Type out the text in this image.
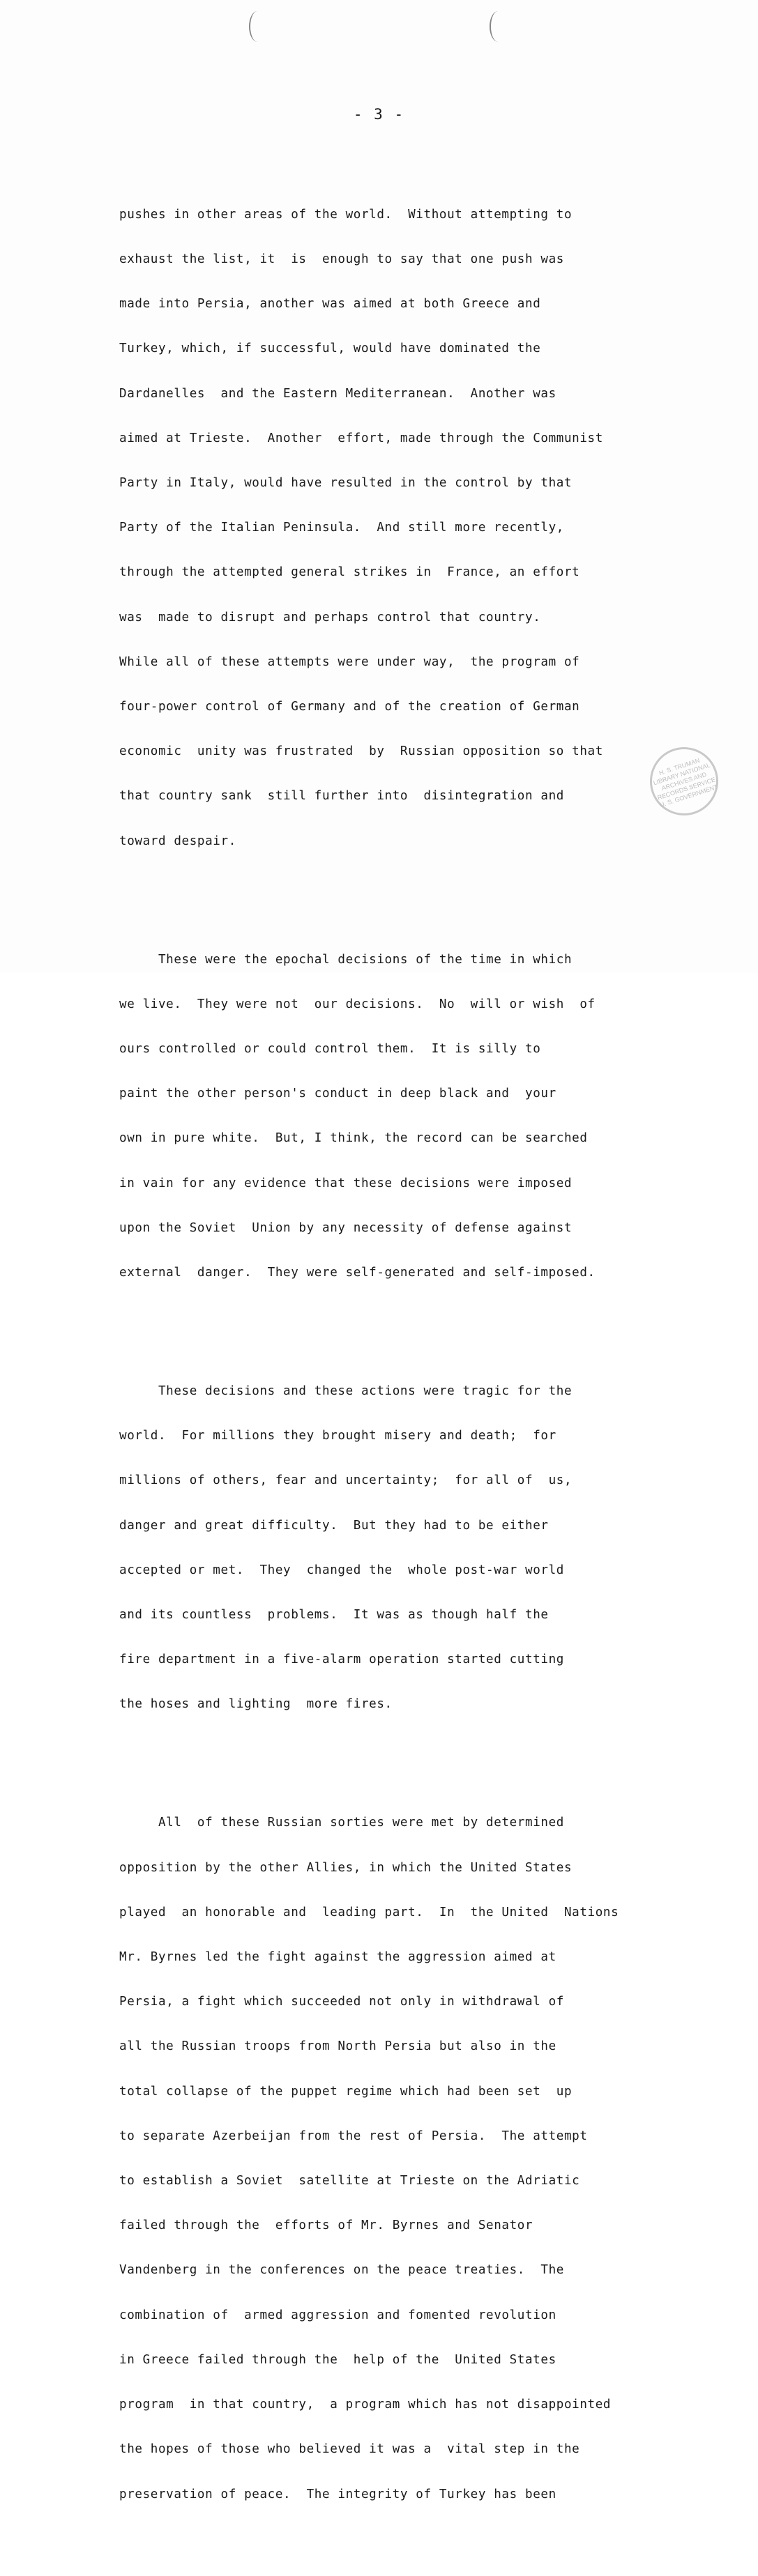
- 3 -

pushes in other areas of the world.  Without attempting to

exhaust the list, it  is  enough to say that one push was

made into Persia, another was aimed at both Greece and

Turkey, which, if successful, would have dominated the

Dardanelles  and the Eastern Mediterranean.  Another was

aimed at Trieste.  Another  effort, made through the Communist

Party in Italy, would have resulted in the control by that

Party of the Italian Peninsula.  And still more recently,

through the attempted general strikes in  France, an effort

was  made to disrupt and perhaps control that country.

While all of these attempts were under way,  the program of

four-power control of Germany and of the creation of German

economic  unity was frustrated  by  Russian opposition so that

that country sank  still further into  disintegration and

toward despair.

These were the epochal decisions of the time in which

we live.  They were not  our decisions.  No  will or wish  of

ours controlled or could control them.  It is silly to

paint the other person's conduct in deep black and  your

own in pure white.  But, I think, the record can be searched

in vain for any evidence that these decisions were imposed

upon the Soviet  Union by any necessity of defense against

external  danger.  They were self-generated and self-imposed.

These decisions and these actions were tragic for the

world.  For millions they brought misery and death;  for

millions of others, fear and uncertainty;  for all of  us,

danger and great difficulty.  But they had to be either

accepted or met.  They  changed the  whole post-war world

and its countless  problems.  It was as though half the

fire department in a five-alarm operation started cutting

the hoses and lighting  more fires.

All  of these Russian sorties were met by determined

opposition by the other Allies, in which the United States

played  an honorable and  leading part.  In  the United  Nations

Mr. Byrnes led the fight against the aggression aimed at

Persia, a fight which succeeded not only in withdrawal of

all the Russian troops from North Persia but also in the

total collapse of the puppet regime which had been set  up

to separate Azerbeijan from the rest of Persia.  The attempt

to establish a Soviet  satellite at Trieste on the Adriatic

failed through the  efforts of Mr. Byrnes and Senator

Vandenberg in the conferences on the peace treaties.  The

combination of  armed aggression and fomented revolution

in Greece failed through the  help of the  United States

program  in that country,  a program which has not disappointed

the hopes of those who believed it was a  vital step in the

preservation of peace.  The integrity of Turkey has been

H. S. TRUMAN LIBRARY NATIONAL ARCHIVES AND RECORDS SERVICE U. S. GOVERNMENT
